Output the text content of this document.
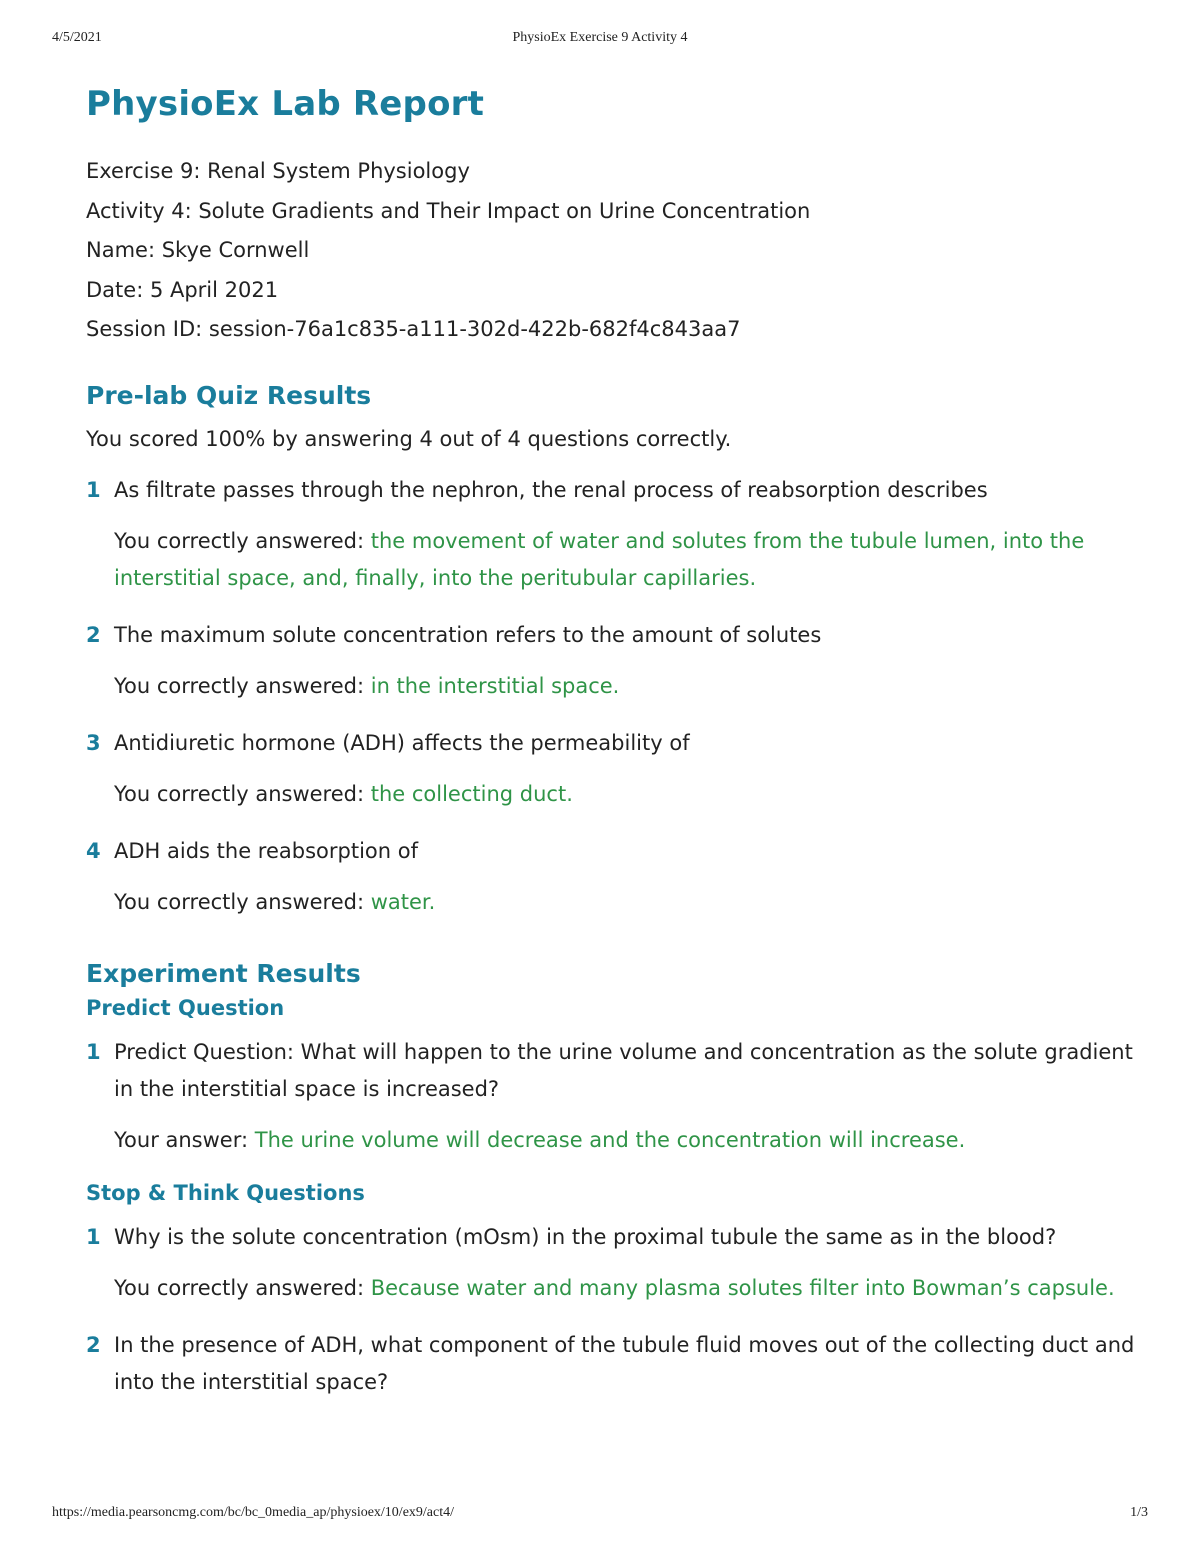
4/5/2021	PhysioEx Exercise 9 Activity 4
PhysioEx Lab Report

Exercise 9: Renal System Physiology

Activity 4: Solute Gradients and Their Impact on Urine Concentration

Name: Skye Cornwell

Date: 5 April 2021

Session ID: session-76a1c835-a111-302d-422b-682f4c843aa7

Pre-lab Quiz Results

You scored 100% by answering 4 out of 4 questions correctly.

1 As filtrate passes through the nephron, the renal process of reabsorption describes

You correctly answered: the movement of water and solutes from the tubule lumen, into the interstitial space, and, finally, into the peritubular capillaries.

2 The maximum solute concentration refers to the amount of solutes

You correctly answered: in the interstitial space.

3 Antidiuretic hormone (ADH) affects the permeability of

You correctly answered: the collecting duct.

4 ADH aids the reabsorption of

You correctly answered: water.

Experiment Results
Predict Question
1 Predict Question: What will happen to the urine volume and concentration as the solute gradient in the interstitial space is increased?

Your answer: The urine volume will decrease and the concentration will increase.

Stop & Think Questions
1 Why is the solute concentration (mOsm) in the proximal tubule the same as in the blood?

You correctly answered: Because water and many plasma solutes filter into Bowman’s capsule.

2 In the presence of ADH, what component of the tubule fluid moves out of the collecting duct and into the interstitial space?

https://media.pearsoncmg.com/bc/bc_0media_ap/physioex/10/ex9/act4/	1/3
